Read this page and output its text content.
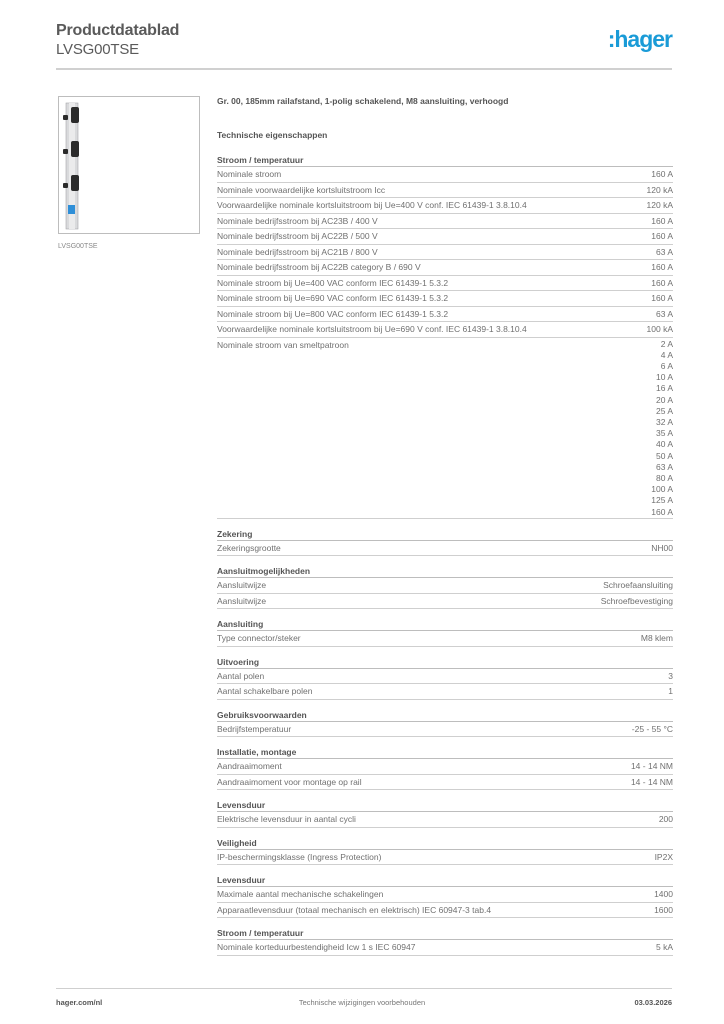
Productdatablad
LVSG00TSE	:hager
LVSG00TSE
Gr. 00, 185mm railafstand, 1-polig schakelend, M8 aansluiting, verhoogd
Technische eigenschappen
Stroom / temperatuur
Nominale stroom	160 A
Nominale voorwaardelijke kortsluitstroom Icc	120 kA
Voorwaardelijke nominale kortsluitstroom bij Ue=400 V conf. IEC 61439-1 3.8.10.4	120 kA
Nominale bedrijfsstroom bij AC23B / 400 V	160 A
Nominale bedrijfsstroom bij AC22B / 500 V	160 A
Nominale bedrijfsstroom bij AC21B / 800 V	63 A
Nominale bedrijfsstroom bij AC22B category B / 690 V	160 A
Nominale stroom bij Ue=400 VAC conform IEC 61439-1 5.3.2	160 A
Nominale stroom bij Ue=690 VAC conform IEC 61439-1 5.3.2	160 A
Nominale stroom bij Ue=800 VAC conform IEC 61439-1 5.3.2	63 A
Voorwaardelijke nominale kortsluitstroom bij Ue=690 V conf. IEC 61439-1 3.8.10.4	100 kA
Nominale stroom van smeltpatroon	2 A
4 A
6 A
10 A
16 A
20 A
25 A
32 A
35 A
40 A
50 A
63 A
80 A
100 A
125 A
160 A
Zekering
Zekeringsgrootte	NH00
Aansluitmogelijkheden
Aansluitwijze	Schroefaansluiting
Aansluitwijze	Schroefbevestiging
Aansluiting
Type connector/steker	M8 klem
Uitvoering
Aantal polen	3
Aantal schakelbare polen	1
Gebruiksvoorwaarden
Bedrijfstemperatuur	-25 - 55 °C
Installatie, montage
Aandraaimoment	14 - 14 NM
Aandraaimoment voor montage op rail	14 - 14 NM
Levensduur
Elektrische levensduur in aantal cycli	200
Veiligheid
IP-beschermingsklasse (Ingress Protection)	IP2X
Levensduur
Maximale aantal mechanische schakelingen	1400
Apparaatlevensduur (totaal mechanisch en elektrisch) IEC 60947-3 tab.4	1600
Stroom / temperatuur
Nominale korteduurbestendigheid Icw 1 s IEC 60947	5 kA
hager.com/nl	Technische wijzigingen voorbehouden	03.03.2026
